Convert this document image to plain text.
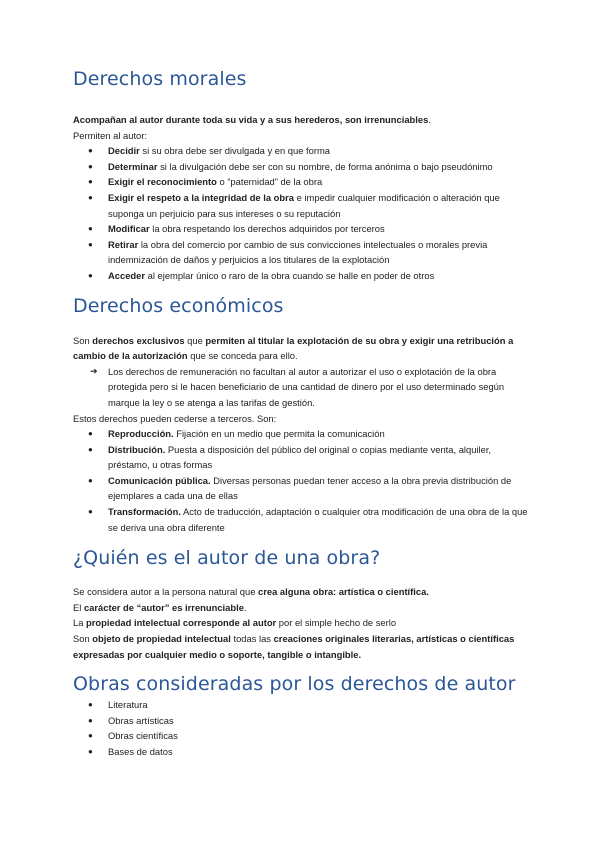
Derechos morales

Acompañan al autor durante toda su vida y a sus herederos, son irrenunciables.

Permiten al autor:

● Decidir si su obra debe ser divulgada y en que forma
● Determinar si la divulgación debe ser con su nombre, de forma anónima o bajo pseudónimo
● Exigir el reconocimiento o “paternidad” de la obra
● Exigir el respeto a la integridad de la obra e impedir cualquier modificación o alteración que suponga un perjuicio para sus intereses o su reputación
● Modificar la obra respetando los derechos adquiridos por terceros
● Retirar la obra del comercio por cambio de sus convicciones intelectuales o morales previa indemnización de daños y perjuicios a los titulares de la explotación
● Acceder al ejemplar único o raro de la obra cuando se halle en poder de otros
Derechos económicos

Son derechos exclusivos que permiten al titular la explotación de su obra y exigir una retribución a cambio de la autorización que se conceda para ello.

➔ Los derechos de remuneración no facultan al autor a autorizar el uso o explotación de la obra protegida pero si le hacen beneficiario de una cantidad de dinero por el uso determinado según marque la ley o se atenga a las tarifas de gestión.

Estos derechos pueden cederse a terceros. Son:

● Reproducción. Fijación en un medio que permita la comunicación
● Distribución. Puesta a disposición del público del original o copias mediante venta, alquiler, préstamo, u otras formas
● Comunicación pública. Diversas personas puedan tener acceso a la obra previa distribución de ejemplares a cada una de ellas
● Transformación. Acto de traducción, adaptación o cualquier otra modificación de una obra de la que se deriva una obra diferente
¿Quién es el autor de una obra?

Se considera autor a la persona natural que crea alguna obra: artística o científica.

El carácter de “autor” es irrenunciable.

La propiedad intelectual corresponde al autor por el simple hecho de serlo

Son objeto de propiedad intelectual todas las creaciones originales literarias, artísticas o científicas expresadas por cualquier medio o soporte, tangible o intangible.

Obras consideradas por los derechos de autor
● Literatura
● Obras artísticas
● Obras científicas
● Bases de datos
